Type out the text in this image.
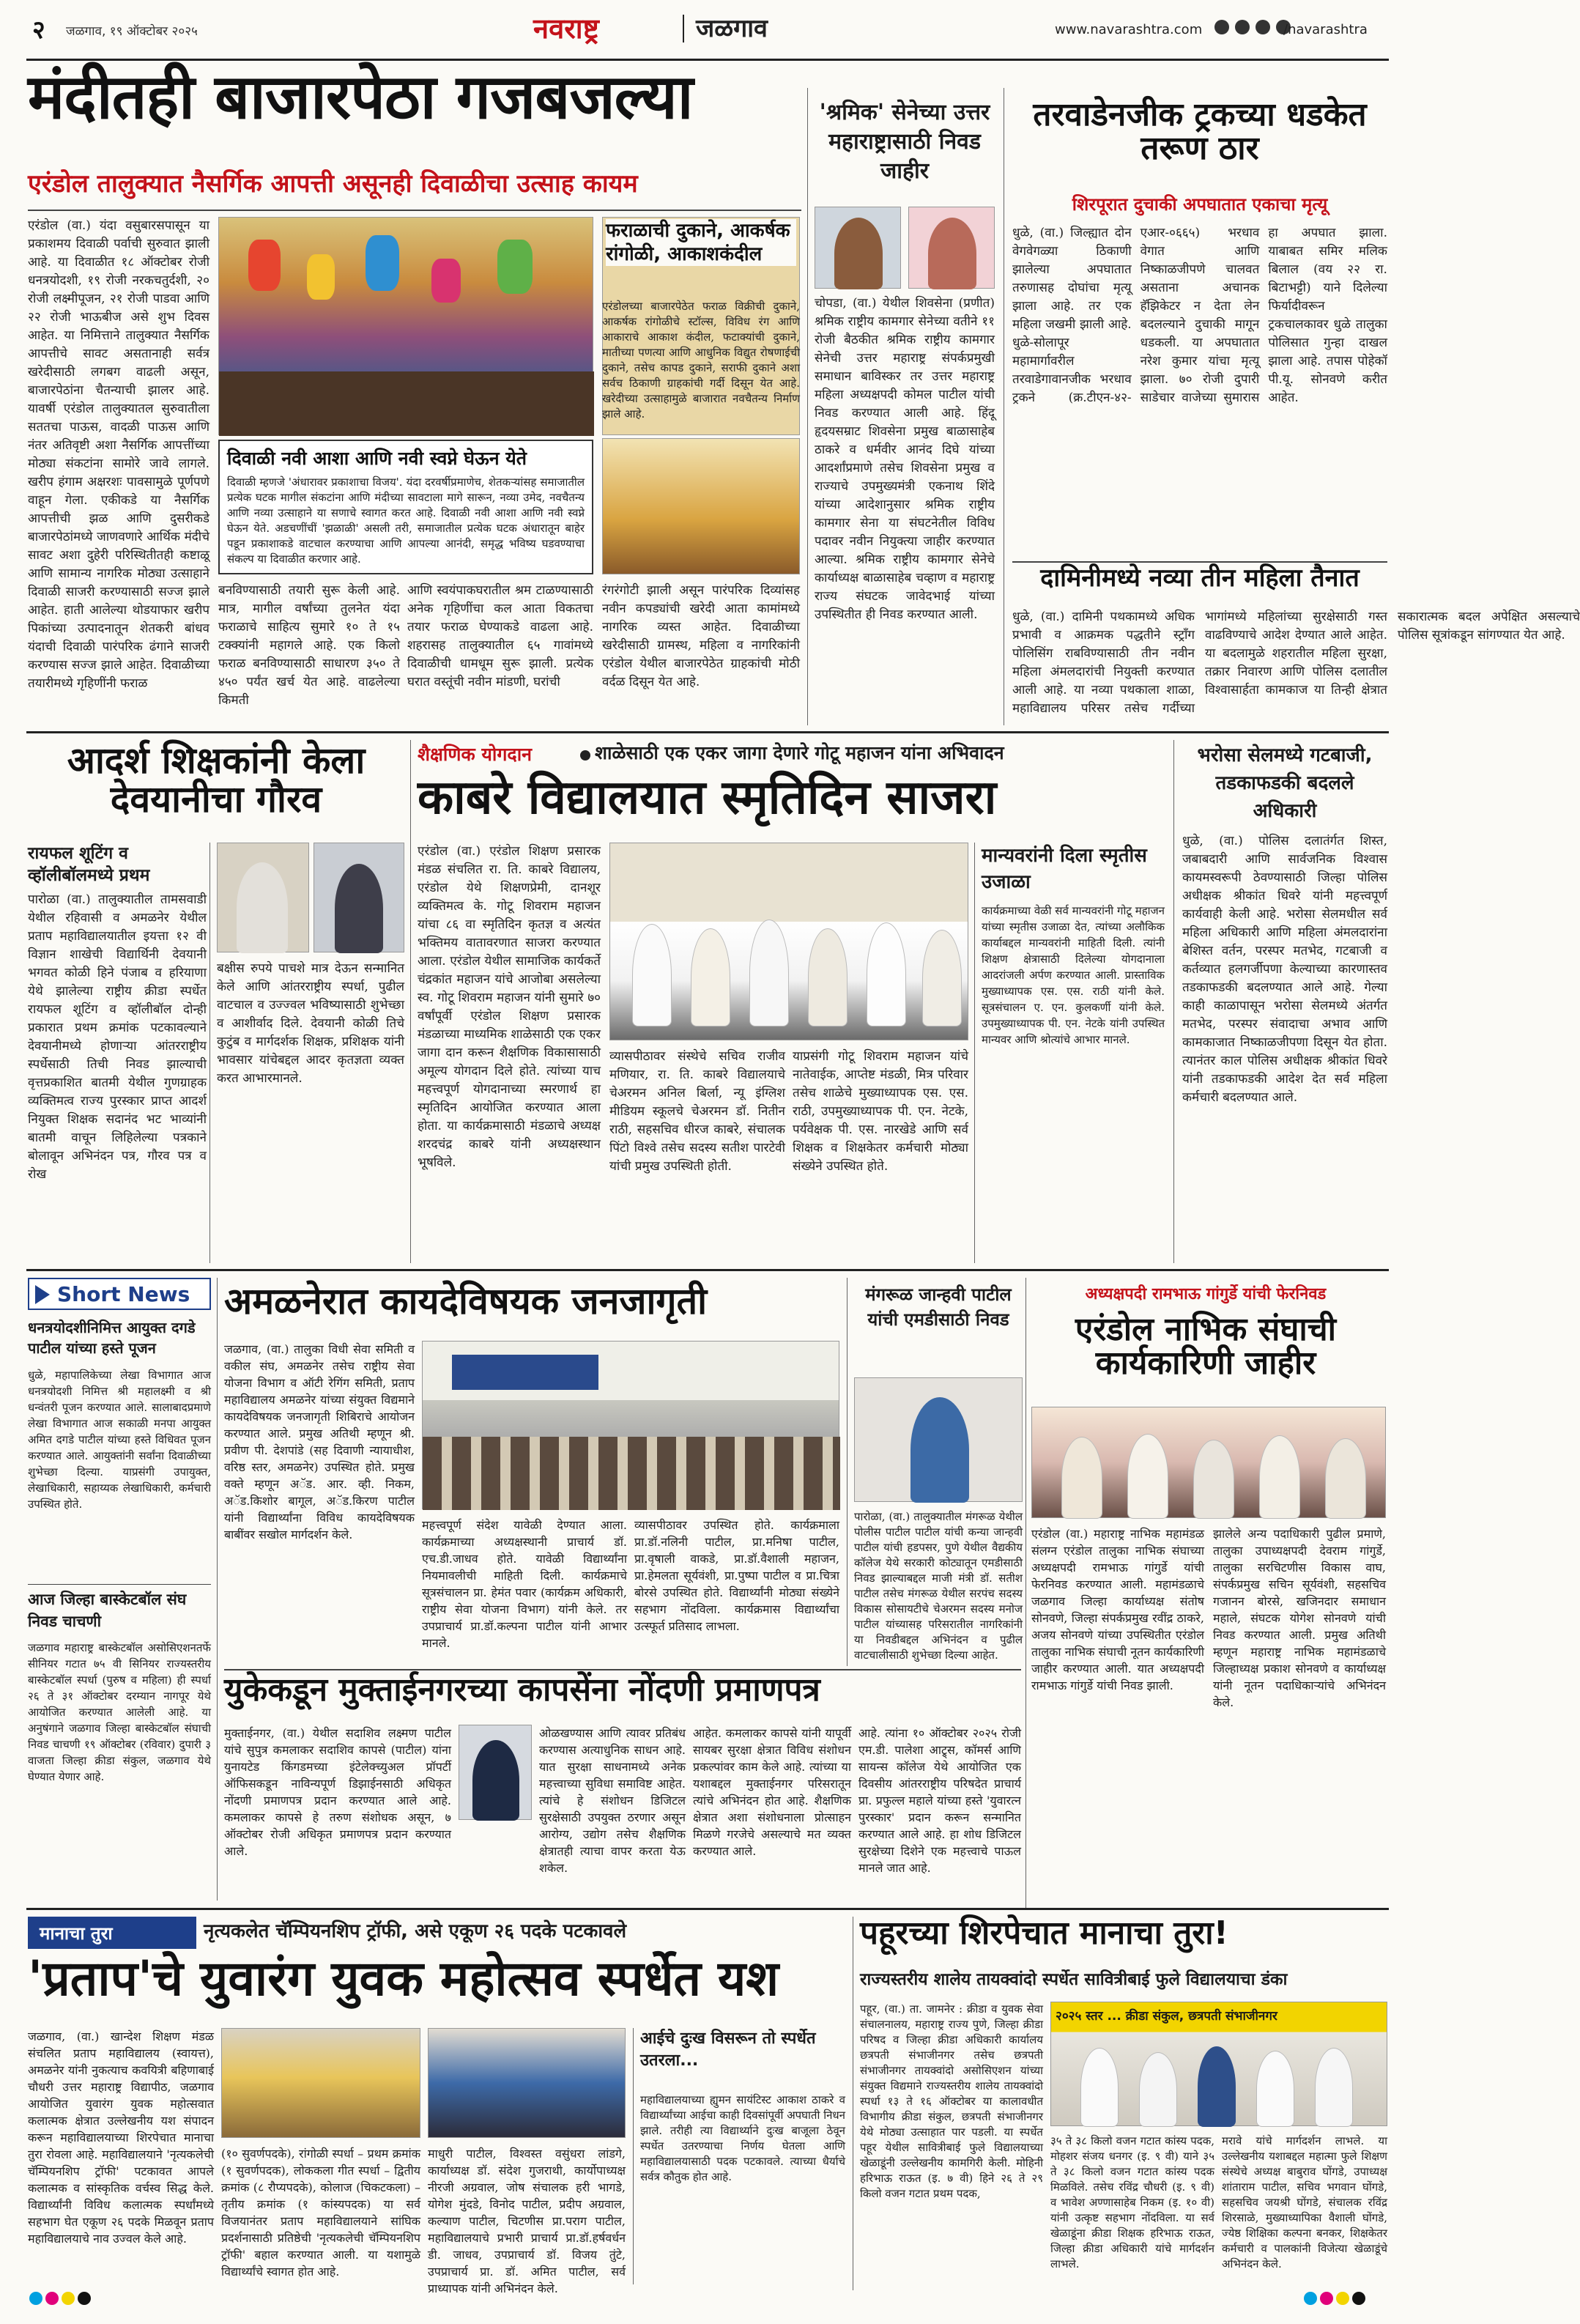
२ जळगाव, १९ ऑक्टोबर २०२५	नवराष्ट्र	जळगाव	www.navarashtra.com
	/navarashtra
मंदीतही बाजारपेठा गजबजल्या
एरंडोल तालुक्यात नैसर्गिक आपत्ती असूनही दिवाळीचा उत्साह कायम
एरंडोल (वा.) यंदा वसुबारसपासून या प्रकाशमय दिवाळी पर्वाची सुरुवात झाली आहे. या दिवाळीत १८ ऑक्टोबर रोजी धनत्रयोदशी, १९ रोजी नरकचतुर्दशी, २० रोजी लक्ष्मीपूजन, २१ रोजी पाडवा आणि २२ रोजी भाऊबीज असे शुभ दिवस आहेत. या निमित्ताने तालुक्यात नैसर्गिक आपत्तीचे सावट असतानाही सर्वत्र खरेदीसाठी लगबग वाढली असून, बाजारपेठांना चैतन्याची झालर आहे. यावर्षी एरंडोल तालुक्यातल सुरुवातीला सततचा पाऊस, वादळी पाऊस आणि नंतर अतिवृष्टी अशा नैसर्गिक आपत्तींच्या मोठ्या संकटांना सामोरे जावे लागले. खरीप हंगाम अक्षरशः पावसामुळे पूर्णपणे वाहून गेला. एकीकडे या नैसर्गिक आपत्तीची झळ आणि दुसरीकडे बाजारपेठांमध्ये जाणवणारे आर्थिक मंदीचे सावट अशा दुहेरी परिस्थितीतही कष्टाळू आणि सामान्य नागरिक मोठ्या उत्साहाने दिवाळी साजरी करण्यासाठी सज्ज झाले आहेत. हाती आलेल्या थोडयाफार खरीप पिकांच्या उत्पादनातून शेतकरी बांधव यंदाची दिवाळी पारंपरिक ढंगाने साजरी करण्यास सज्ज झाले आहेत. दिवाळीच्या तयारीमध्ये गृहिणींनी फराळ
फराळाची दुकाने, आकर्षक रांगोळी, आकाशकंदील
एरंडोलच्या बाजारपेठेत फराळ विक्रीची दुकाने, आकर्षक रांगोळीचे स्टॉल्स, विविध रंग आणि आकाराचे आकाश कंदील, फटाक्यांची दुकाने, मातीच्या पणत्या आणि आधुनिक विद्युत रोषणाईची दुकाने, तसेच कापड दुकाने, सराफी दुकाने अशा सर्वच ठिकाणी ग्राहकांची गर्दी दिसून येत आहे. खरेदीच्या उत्साहामुळे बाजारात नवचैतन्य निर्माण झाले आहे.
दिवाळी नवी आशा आणि नवी स्वप्ने घेऊन येते
दिवाळी म्हणजे 'अंधारावर प्रकाशाचा विजय'. यंदा दरवर्षीप्रमाणेच, शेतकऱ्यांसह समाजातील प्रत्येक घटक मागील संकटांना आणि मंदीच्या सावटाला मागे सारून, नव्या उमेद, नवचैतन्य आणि नव्या उत्साहाने या सणाचे स्वागत करत आहे. दिवाळी नवी आशा आणि नवी स्वप्ने घेऊन येते. अडचणींचीं 'झळाळी' असली तरी, समाजातील प्रत्येक घटक अंधारातून बाहेर पडून प्रकाशाकडे वाटचाल करण्याचा आणि आपल्या आनंदी, समृद्ध भविष्य घडवण्याचा संकल्प या दिवाळीत करणार आहे.
बनविण्यासाठी तयारी सुरू केली आहे. मात्र, मागील वर्षांच्या तुलनेत यंदा फराळाचे साहित्य सुमारे १० ते १५ टक्क्यांनी महागले आहे. एक किलो फराळ बनविण्यासाठी साधारण ३५० ते ४५० पर्यंत खर्च येत आहे. वाढलेल्या किमती
आणि स्वयंपाकघरातील श्रम टाळण्यासाठी अनेक गृहिणींचा कल आता विकतचा तयार फराळ घेण्याकडे वाढला आहे. शहरासह तालुक्यातील ६५ गावांमध्ये दिवाळीची धामधूम सुरू झाली. प्रत्येक घरात वस्तूंची नवीन मांडणी, घरांची
रंगरंगोटी झाली असून पारंपरिक दिव्यांसह नवीन कपड्यांची खरेदी आता कामांमध्ये नागरिक व्यस्त आहेत. दिवाळीच्या खरेदीसाठी ग्रामस्थ, महिला व नागरिकांनी एरंडोल येथील बाजारपेठेत ग्राहकांची मोठी वर्दळ दिसून येत आहे.
'श्रमिक' सेनेच्या उत्तर महाराष्ट्रासाठी निवड जाहीर
चोपडा, (वा.) येथील शिवसेना (प्रणीत) श्रमिक राष्ट्रीय कामगार सेनेच्या वतीने ११ रोजी बैठकीत श्रमिक राष्ट्रीय कामगार सेनेची उत्तर महाराष्ट्र संपर्कप्रमुखी समाधान बाविस्कर तर उत्तर महाराष्ट्र महिला अध्यक्षपदी कोमल पाटील यांची निवड करण्यात आली आहे. हिंदू हृदयसम्राट शिवसेना प्रमुख बाळासाहेब ठाकरे व धर्मवीर आनंद दिघे यांच्या आदर्शांप्रमाणे तसेच शिवसेना प्रमुख व राज्याचे उपमुख्यमंत्री एकनाथ शिंदे यांच्या आदेशानुसार श्रमिक राष्ट्रीय कामगार सेना या संघटनेतील विविध पदावर नवीन नियुक्त्या जाहीर करण्यात आल्या. श्रमिक राष्ट्रीय कामगार सेनेचे कार्याध्यक्ष बाळासाहेब चव्हाण व महाराष्ट्र राज्य संघटक जावेदभाई यांच्या उपस्थितीत ही निवड करण्यात आली.
तरवाडेनजीक ट्रकच्या धडकेत तरूण ठार
शिरपूरात दुचाकी अपघातात एकाचा मृत्यू
धुळे, (वा.) जिल्ह्यात दोन वेगवेगळ्या ठिकाणी झालेल्या अपघातात तरुणासह दोघांचा मृत्यू झाला आहे. तर एक महिला जखमी झाली आहे. धुळे-सोलापूर महामार्गावरील तरवाडेगावानजीक भरधाव ट्रकने (क्र.टीएन-४२-एआर-०६६५) भरधाव वेगात आणि निष्काळजीपणे चालवत असताना अचानक हॅझिकेटर न देता लेन बदलल्याने दुचाकी मागून धडकली. या अपघातात नरेश कुमार यांचा मृत्यू झाला. ७० रोजी दुपारी साडेचार वाजेच्या सुमारास हा अपघात झाला. याबाबत समिर मलिक बिलाल (वय २२ रा. बिटाभट्टी) याने दिलेल्या फिर्यादीवरून ट्रकचालकावर धुळे तालुका पोलिसात गुन्हा दाखल झाला आहे. तपास पोहेकॉ पी.यू. सोनवणे करीत आहेत.
दामिनीमध्ये नव्या तीन महिला तैनात
धुळे, (वा.) दामिनी पथकामध्ये अधिक प्रभावी व आक्रमक पद्धतीने स्ट्रॉंग पोलिसिंग राबविण्यासाठी तीन नवीन महिला अंमलदारांची नियुक्ती करण्यात आली आहे. या नव्या पथकाला शाळा, महाविद्यालय परिसर तसेच गर्दीच्या भागांमध्ये महिलांच्या सुरक्षेसाठी गस्त वाढविण्याचे आदेश देण्यात आले आहेत. या बदलामुळे शहरातील महिला सुरक्षा, तक्रार निवारण आणि पोलिस दलातील विश्वासार्हता कामकाज या तिन्ही क्षेत्रात सकारात्मक बदल अपेक्षित असल्याचे पोलिस सूत्रांकडून सांगण्यात येत आहे.
आदर्श शिक्षकांनी केला देवयानीचा गौरव
रायफल शूटिंग व व्हॉलीबॉलमध्ये प्रथम
पारोळा (वा.) तालुक्यातील तामसवाडी येथील रहिवासी व अमळनेर येथील प्रताप महाविद्यालयातील इयत्ता १२ वी विज्ञान शाखेची विद्यार्थिनी देवयानी भगवत कोळी हिने पंजाब व हरियाणा येथे झालेल्या राष्ट्रीय क्रीडा स्पर्धेत रायफल शूटिंग व व्हॉलीबॉल दोन्ही प्रकारात प्रथम क्रमांक पटकावल्याने देवयानीमध्ये होणाऱ्या आंतरराष्ट्रीय स्पर्धेसाठी तिची निवड झाल्याची वृत्तप्रकाशित बातमी येथील गुणग्राहक व्यक्तिमत्व राज्य पुरस्कार प्राप्त आदर्श नियुक्त शिक्षक सदानंद भट भाव्यांनी बातमी वाचून लिहिलेल्या पत्रकाने बोलावून अभिनंदन पत्र, गौरव पत्र व रोख
बक्षीस रुपये पाचशे मात्र देऊन सन्मानित केले आणि आंतरराष्ट्रीय स्पर्धा, पुढील वाटचाल व उज्ज्वल भविष्यासाठी शुभेच्छा व आशीर्वाद दिले. देवयानी कोळी तिचे कुटुंब व मार्गदर्शक शिक्षक, प्रशिक्षक यांनी भावसार यांचेबद्दल आदर कृतज्ञता व्यक्त करत आभारमानले.
शैक्षणिक योगदान	शाळेसाठी एक एकर जागा देणारे गोटू महाजन यांना अभिवादन
काबरे विद्यालयात स्मृतिदिन साजरा
एरंडोल (वा.) एरंडोल शिक्षण प्रसारक मंडळ संचलित रा. ति. काबरे विद्यालय, एरंडोल येथे शिक्षणप्रेमी, दानशूर व्यक्तिमत्व के. गोटू शिवराम महाजन यांचा ८६ वा स्मृतिदिन कृतज्ञ व अत्यंत भक्तिमय वातावरणात साजरा करण्यात आला. एरंडोल येथील सामाजिक कार्यकर्ते चंद्रकांत महाजन यांचे आजोबा असलेल्या स्व. गोटू शिवराम महाजन यांनी सुमारे ७० वर्षांपूर्वी एरंडोल शिक्षण प्रसारक मंडळाच्या माध्यमिक शाळेसाठी एक एकर जागा दान करून शैक्षणिक विकासासाठी अमूल्य योगदान दिले होते. त्यांच्या याच महत्त्वपूर्ण योगदानाच्या स्मरणार्थ हा स्मृतिदिन आयोजित करण्यात आला होता. या कार्यक्रमासाठी मंडळाचे अध्यक्ष शरदचंद्र काबरे यांनी अध्यक्षस्थान भूषविले.
व्यासपीठावर संस्थेचे सचिव राजीव मणियार, रा. ति. काबरे विद्यालयाचे चेअरमन अनिल बिर्ला, न्यू इंग्लिश मीडियम स्कूलचे चेअरमन डॉ. नितीन राठी, सहसचिव धीरज काबरे, संचालक पिंटो विश्वे तसेच सदस्य सतीश पारटेवी यांची प्रमुख उपस्थिती होती.
याप्रसंगी गोटू शिवराम महाजन यांचे नातेवाईक, आप्तेष्ट मंडळी, मित्र परिवार तसेच शाळेचे मुख्याध्यापक एस. एस. राठी, उपमुख्याध्यापक पी. एन. नेटके, पर्यवेक्षक पी. एस. नारखेडे आणि सर्व शिक्षक व शिक्षकेतर कर्मचारी मोठ्या संख्येने उपस्थित होते.
मान्यवरांनी दिला स्मृतीस उजाळा
कार्यक्रमाच्या वेळी सर्व मान्यवरांनी गोटू महाजन यांच्या स्मृतीस उजाळा देत, त्यांच्या अलौकिक कार्याबद्दल मान्यवरांनी माहिती दिली. त्यांनी शिक्षण क्षेत्रासाठी दिलेल्या योगदानाला आदरांजली अर्पण करण्यात आली. प्रास्ताविक मुख्याध्यापक एस. एस. राठी यांनी केले. सूत्रसंचालन ए. एन. कुलकर्णी यांनी केले. उपमुख्याध्यापक पी. एन. नेटके यांनी उपस्थित मान्यवर आणि श्रोत्यांचे आभार मानले.
भरोसा सेलमध्येे गटबाजी, तडकाफडकी बदलले अधिकारी
धुळे, (वा.) पोलिस दलातंर्गत शिस्त, जबाबदारी आणि सार्वजनिक विश्वास कायमस्वरूपी ठेवण्यासाठी जिल्हा पोलिस अधीक्षक श्रीकांत धिवरे यांनी महत्त्वपूर्ण कार्यवाही केली आहे. भरोसा सेलमधील सर्व महिला अधिकारी आणि महिला अंमलदारांना बेशिस्त वर्तन, परस्पर मतभेद, गटबाजी व कर्तव्यात हलगर्जीपणा केल्याच्या कारणास्तव तडकाफडकी बदलण्यात आले आहे. गेल्या काही काळापासून भरोसा सेलमध्ये अंतर्गत मतभेद, परस्पर संवादाचा अभाव आणि कामकाजात निष्काळजीपणा दिसून येत होता. त्यानंतर काल पोलिस अधीक्षक श्रीकांत धिवरे यांनी तडकाफडकी आदेश देत सर्व महिला कर्मचारी बदलण्यात आले.
Short News
धनत्रयोदशीनिमित्त आयुक्त दगडे पाटील यांच्या हस्ते पूजन
धुळे, महापालिकेच्या लेखा विभागात आज धनत्रयोदशी निमित्त श्री महालक्ष्मी व श्री धन्वंतरी पूजन करण्यात आले. सालाबादप्रमाणे लेखा विभागात आज सकाळी मनपा आयुक्त अमित दगडे पाटील यांच्या हस्ते विधिवत पूजन करण्यात आले. आयुक्तांनी सर्वांना दिवाळीच्या शुभेच्छा दिल्या. याप्रसंगी उपायुक्त, लेखाधिकारी, सहाय्यक लेखाधिकारी, कर्मचारी उपस्थित होते.
आज जिल्हा बास्केटबॉल संघ निवड चाचणी
जळगाव महाराष्ट्र बास्केटबॉल असोसिएशनतर्फे सीनियर गटात ७५ वी सिनियर राज्यस्तरीय बास्केटबॉल स्पर्धा (पुरुष व महिला) ही स्पर्धा २६ ते ३१ ऑक्टोबर दरम्यान नागपूर येथे आयोजित करण्यात आलेली आहे. या अनुषंगाने जळगाव जिल्हा बास्केटबॉल संघाची निवड चाचणी १९ ऑक्टोबर (रविवार) दुपारी ३ वाजता जिल्हा क्रीडा संकुल, जळगाव येथे घेण्यात येणार आहे.
अमळनेरात कायदेविषयक जनजागृती
जळगाव, (वा.) तालुका विधी सेवा समिती व वकील संघ, अमळनेर तसेच राष्ट्रीय सेवा योजना विभाग व ऑटी रेगिंग समिती, प्रताप महाविद्यालय अमळनेर यांच्या संयुक्त विद्यमाने कायदेविषयक जनजागृती शिबिराचे आयोजन करण्यात आले. प्रमुख अतिथी म्हणून श्री. प्रवीण पी. देशपांडे (सह दिवाणी न्यायाधीश, वरिष्ठ स्तर, अमळनेर) उपस्थित होते. प्रमुख वक्ते म्हणून अॅड. आर. व्ही. निकम, अॅड.किशोर बागूल, अॅड.किरण पाटील यांनी विद्यार्थ्यांना विविध कायदेविषयक बाबींवर सखोल मार्गदर्शन केले.
महत्त्वपूर्ण संदेश यावेळी देण्यात आला. कार्यक्रमाच्या अध्यक्षस्थानी प्राचार्य डॉ. एच.डी.जाधव होते. यावेळी विद्यार्थ्यांना नियमावलीची माहिती दिली. कार्यक्रमाचे सूत्रसंचालन प्रा. हेमंत पवार (कार्यक्रम अधिकारी, राष्ट्रीय सेवा योजना विभाग) यांनी केले. तर उपप्राचार्य प्रा.डॉ.कल्पना पाटील यांनी आभार मानले.
व्यासपीठावर उपस्थित होते. कार्यक्रमाला प्रा.डॉ.नलिनी पाटील, प्रा.मनिषा पाटील, प्रा.वृषाली वाकडे, प्रा.डॉ.वैशाली महाजन, प्रा.हेमलता सूर्यवंशी, प्रा.पुष्पा पाटील व प्रा.चित्रा बोरसे उपस्थित होते. विद्यार्थ्यांनी मोठ्या संख्येने सहभाग नोंदविला. कार्यक्रमास विद्यार्थ्यांचा उत्स्फूर्त प्रतिसाद लाभला.
मंगरूळ जान्हवी पाटील यांची एमडीसाठी निवड
अध्यक्षपदी रामभाऊ गांगुर्डे यांची फेरनिवड
एरंडोल नाभिक संघाची कार्यकारिणी जाहीर
पारोळा, (वा.) तालुक्यातील मंगरूळ येथील पोलीस पाटील पाटील यांची कन्या जान्हवी पाटील यांची हडपसर, पुणे येथील वैद्यकीय कॉलेज येथे सरकारी कोट्यातून एमडीसाठी निवड झाल्याबद्दल माजी मंत्री डॉ. सतीश पाटील तसेच मंगरूळ येथील सरपंच सदस्य विकास सोसायटीचे चेअरमन सदस्य मनोज पाटील यांच्यासह परिसरातील नागरिकांनी या निवडीबद्दल अभिनंदन व पुढील वाटचालीसाठी शुभेच्छा दिल्या आहेत.
एरंडोल (वा.) महाराष्ट्र नाभिक महामंडळ संलग्न एरंडोल तालुका नाभिक संघाच्या अध्यक्षपदी रामभाऊ गांगुर्डे यांची फेरनिवड करण्यात आली. महामंडळाचे जळगाव जिल्हा कार्याध्यक्ष संतोष सोनवणे, जिल्हा संपर्कप्रमुख रवींद्र ठाकरे, अजय सोनवणे यांच्या उपस्थितीत एरंडोल तालुका नाभिक संघाची नूतन कार्यकारिणी जाहीर करण्यात आली. यात अध्यक्षपदी रामभाऊ गांगुर्डे यांची निवड झाली.
झालेले अन्य पदाधिकारी पुढील प्रमाणे, तालुका उपाध्यक्षपदी देवराम गांगुर्डे, तालुका सरचिटणीस विकास वाघ, संपर्कप्रमुख सचिन सूर्यवंशी, सहसचिव गजानन बोरसे, खजिनदार समाधान महाले, संघटक योगेश सोनवणे यांची निवड करण्यात आली. प्रमुख अतिथी म्हणून महाराष्ट्र नाभिक महामंडळाचे जिल्हाध्यक्ष प्रकाश सोनवणे व कार्याध्यक्ष यांनी नूतन पदाधिकाऱ्यांचे अभिनंदन केले.
युकेकडून मुक्ताईनगरच्या कापसेंना नोंदणी प्रमाणपत्र
मुक्ताईनगर, (वा.) येथील सदाशिव लक्ष्मण पाटील यांचे सुपुत्र कमलाकर सदाशिव कापसे (पाटील) यांना युनायटेड किंगडमच्या इंटेलेक्च्युअल प्रॉपर्टी ऑफिसकडून नाविन्यपूर्ण डिझाईनसाठी अधिकृत नोंदणी प्रमाणपत्र प्रदान करण्यात आले आहे. कमलाकर कापसे हे तरुण संशोधक असून, ७ ऑक्टोबर रोजी अधिकृत प्रमाणपत्र प्रदान करण्यात आले.
ओळखण्यास आणि त्यावर प्रतिबंध करण्यास अत्याधुनिक साधन आहे. यात सुरक्षा साधनामध्ये अनेक महत्त्वाच्या सुविधा समाविष्ट आहेत. त्यांचे हे संशोधन डिजिटल सुरक्षेसाठी उपयुक्त ठरणार असून आरोग्य, उद्योग तसेच शैक्षणिक क्षेत्रातही त्याचा वापर करता येऊ शकेल.
आहेत. कमलाकर कापसे यांनी यापूर्वी सायबर सुरक्षा क्षेत्रात विविध संशोधन प्रकल्पांवर काम केले आहे. त्यांच्या या यशाबद्दल मुक्ताईनगर परिसरातून त्यांचे अभिनंदन होत आहे. शैक्षणिक क्षेत्रात अशा संशोधनाला प्रोत्साहन मिळणे गरजेचे असल्याचे मत व्यक्त करण्यात आले.
आहे. त्यांना १० ऑक्टोबर २०२५ रोजी एम.डी. पालेशा आट्र्स, कॉमर्स आणि सायन्स कॉलेज येथे आयोजित एक दिवसीय आंतरराष्ट्रीय परिषदेत प्राचार्य प्रा. प्रफुल्ल महाले यांच्या हस्ते 'युवारत्न पुरस्कार' प्रदान करून सन्मानित करण्यात आले आहे. हा शोध डिजिटल सुरक्षेच्या दिशेने एक महत्त्वाचे पाऊल मानले जात आहे.
मानाचा तुरा	नृत्यकलेत चॅम्पियनशिप ट्रॉफी, असे एकूण २६ पदके पटकावले
'प्रताप'चे युवारंग युवक महोत्सव स्पर्धेत यश
जळगाव, (वा.) खान्देश शिक्षण मंडळ संचलित प्रताप महाविद्यालय (स्वायत्त), अमळनेर यांनी नुकत्याच कवयित्री बहिणाबाई चौधरी उत्तर महाराष्ट्र विद्यापीठ, जळगाव आयोजित युवारंग युवक महोत्सवात कलात्मक क्षेत्रात उल्लेखनीय यश संपादन करून महाविद्यालयाच्या शिरपेचात मानाचा तुरा रोवला आहे. महाविद्यालयाने 'नृत्यकलेची चॅम्पियनशिप ट्रॉफी' पटकावत आपले कलात्मक व सांस्कृतिक वर्चस्व सिद्ध केले. विद्यार्थ्यांनी विविध कलात्मक स्पर्धांमध्ये सहभाग घेत एकूण २६ पदके मिळवून प्रताप महाविद्यालयाचे नाव उज्वल केले आहे.
(१० सुवर्णपदके), रांगोळी स्पर्धा – प्रथम क्रमांक (१ सुवर्णपदक), लोककला गीत स्पर्धा – द्वितीय क्रमांक (८ रौप्यपदके), कोलाज (चिकटकला) – तृतीय क्रमांक (१ कांस्यपदक) या सर्व विजयानंतर प्रताप महाविद्यालयाने सांघिक प्रदर्शनासाठी प्रतिष्ठेची 'नृत्यकलेची चॅम्पियनशिप ट्रॉफी' बहाल करण्यात आली. या यशामुळे विद्यार्थ्यांचे स्वागत होत आहे.
माधुरी पाटील, विश्वस्त वसुंधरा लांडगे, कार्याध्यक्ष डॉ. संदेश गुजराथी, कार्योपाध्यक्ष नीरजी अग्रवाल, जोष संचालक हरी भागडे, योगेश मुंदडे, विनोद पाटील, प्रदीप अग्रवाल, कल्याण पाटील, चिटणीस प्रा.पराग पाटील, महाविद्यालयाचे प्रभारी प्राचार्य प्रा.डॉ.हर्षवर्धन डी. जाधव, उपप्राचार्य डॉ. विजय तुंटे, उपप्राचार्य प्रा. डॉ. अमित पाटील, सर्व प्राध्यापक यांनी अभिनंदन केले.
आईचे दुःख विसरून तो स्पर्धेत उतरला...
महाविद्यालयाच्या ह्युमन सायंटिस्ट आकाश ठाकरे व विद्यार्थ्यांच्या आईचा काही दिवसांपूर्वी अपघाती निधन झाले. तरीही त्या विद्यार्थ्याने दुःख बाजूला ठेवून स्पर्धेत उतरण्याचा निर्णय घेतला आणि महाविद्यालयासाठी पदक पटकावले. त्याच्या धैर्याचे सर्वत्र कौतुक होत आहे.
पहूरच्या शिरपेचात मानाचा तुरा!
राज्यस्तरीय शालेय तायक्वांदो स्पर्धेत सावित्रीबाई फुले विद्यालयाचा डंका
पहूर, (वा.) ता. जामनेर : क्रीडा व युवक सेवा संचालनालय, महाराष्ट्र राज्य पुणे, जिल्हा क्रीडा परिषद व जिल्हा क्रीडा अधिकारी कार्यालय छत्रपती संभाजीनगर तसेच छत्रपती संभाजीनगर तायक्वांदो असोसिएशन यांच्या संयुक्त विद्यमाने राज्यस्तरीय शालेय तायक्वांदो स्पर्धा १३ ते १६ ऑक्टोबर या कालावधीत विभागीय क्रीडा संकुल, छत्रपती संभाजीनगर येथे मोठ्या उत्साहात पार पडली. या स्पर्धेत पहूर येथील सावित्रीबाई फुले विद्यालयाच्या खेळाडूंनी उल्लेखनीय कामगिरी केली. मोहिनी हरिभाऊ राऊत (इ. ७ वी) हिने २६ ते २९ किलो वजन गटात प्रथम पदक,
२०२५ स्तर ... क्रीडा संकुल, छत्रपती संभाजीनगर
३५ ते ३८ किलो वजन गटात कांस्य पदक, मोहशर संजय धनगर (इ. ९ वी) याने ३५ ते ३८ किलो वजन गटात कांस्य पदक मिळविले. तसेच रविंद्र चौधरी (इ. ९ वी) व भावेश अण्णासाहेब निकम (इ. १० वी) यांनी उत्कृष्ट सहभाग नोंदविला. या सर्व खेळाडूंना क्रीडा शिक्षक हरिभाऊ राऊत, जिल्हा क्रीडा अधिकारी यांचे मार्गदर्शन लाभले.
मरावे यांचे मार्गदर्शन लाभले. या उल्लेखनीय यशाबद्दल महात्मा फुले शिक्षण संस्थेचे अध्यक्ष बाबुराव घोंगडे, उपाध्यक्ष शांताराम पाटील, सचिव भगवान घोंगडे, सहसचिव जयश्री घोंगडे, संचालक रविंद्र शिरसाळे, मुख्याध्यापिका वैशाली घोंगडे, ज्येष्ठ शिक्षिका कल्पना बनकर, शिक्षकेतर कर्मचारी व पालकांनी विजेत्या खेळाडूंचे अभिनंदन केले.
